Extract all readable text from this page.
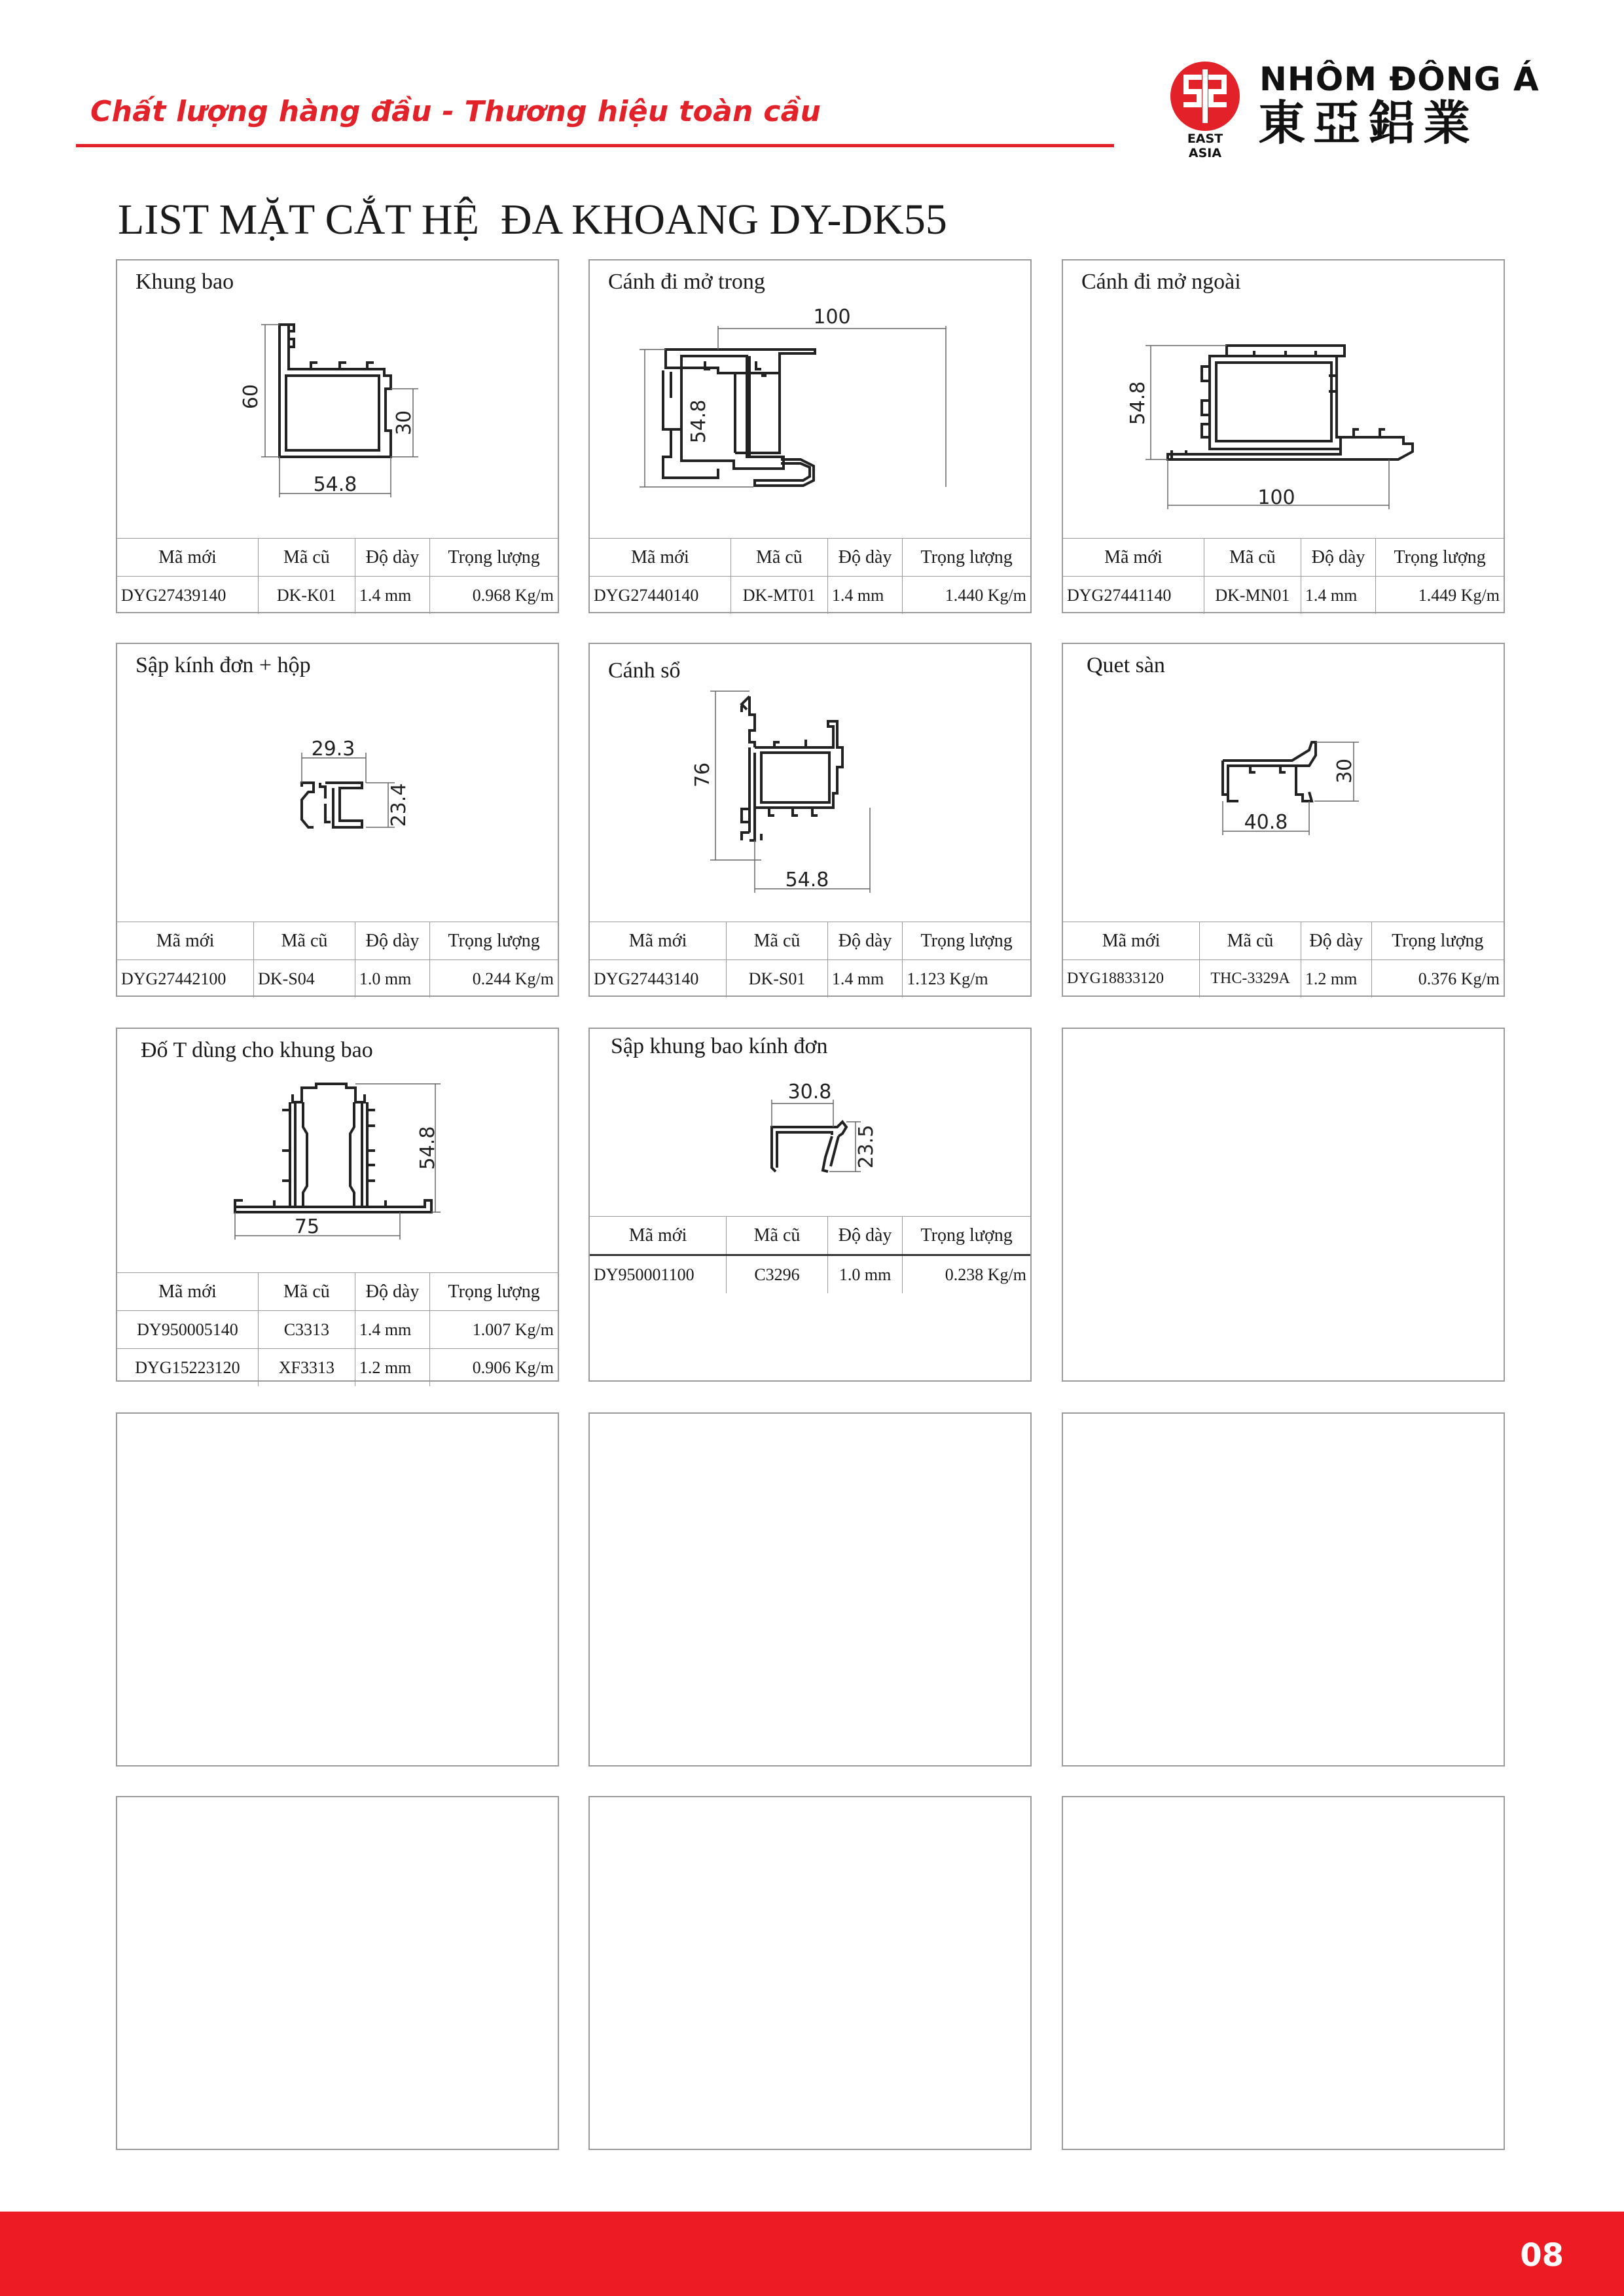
Chất lượng hàng đầu - Thương hiệu toàn cầu
EAST ASIA
NHÔM ĐÔNG Á
東亞鋁業
LIST MẶT CẮT HỆ  ĐA KHOANG DY-DK55
Khung bao
60
30
54.8
Mã mới	Mã cũ	Độ dày	Trọng lượng
DYG27439140	DK-K01	1.4 mm	0.968 Kg/m
Cánh đi mở trong
100
54.8
Mã mới	Mã cũ	Độ dày	Trọng lượng
DYG27440140	DK-MT01	1.4 mm	1.440 Kg/m
Cánh đi mở ngoài
54.8
100
Mã mới	Mã cũ	Độ dày	Trọng lượng
DYG27441140	DK-MN01	1.4 mm	1.449 Kg/m
Sập kính đơn + hộp
29.3
23.4
Mã mới	Mã cũ	Độ dày	Trọng lượng
DYG27442100	DK-S04	1.0 mm	0.244 Kg/m
Cánh sổ
76
54.8
Mã mới	Mã cũ	Độ dày	Trọng lượng
DYG27443140	DK-S01	1.4 mm	1.123 Kg/m
Quet sàn
30
40.8
Mã mới	Mã cũ	Độ dày	Trọng lượng
DYG18833120	THC-3329A	1.2 mm	0.376 Kg/m
Đố T dùng cho khung bao
54.8
75
Mã mới	Mã cũ	Độ dày	Trọng lượng
DY950005140	C3313	1.4 mm	1.007 Kg/m
DYG15223120	XF3313	1.2 mm	0.906 Kg/m
Sập khung bao kính đơn
30.8
23.5
Mã mới	Mã cũ	Độ dày	Trọng lượng
DY950001100	C3296	1.0 mm	0.238 Kg/m
08
